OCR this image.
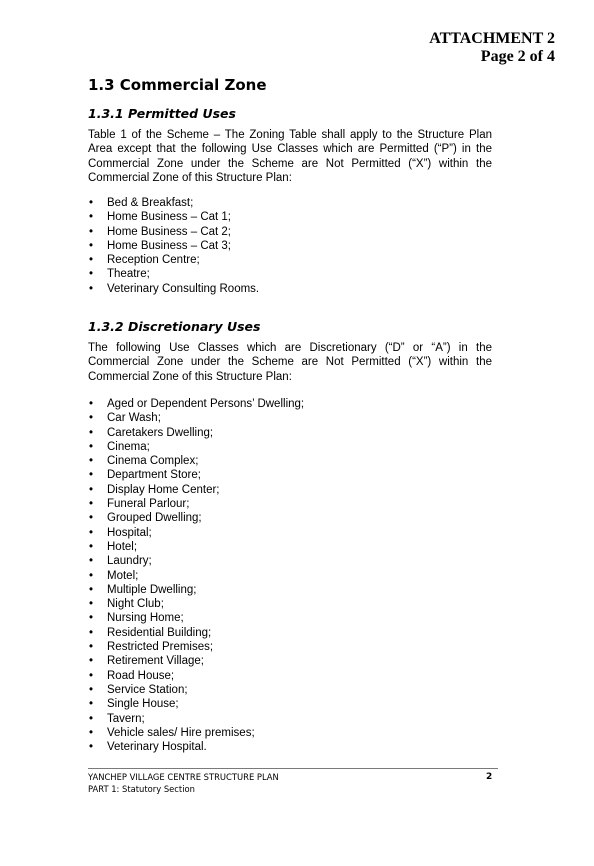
ATTACHMENT 2
Page 2 of 4
1.3 Commercial Zone
1.3.1 Permitted Uses

Table 1 of the Scheme – The Zoning Table shall apply to the Structure Plan Area except that the following Use Classes which are Permitted (“P”) in the Commercial Zone under the Scheme are Not Permitted (“X”) within the Commercial Zone of this Structure Plan:

• Bed & Breakfast;
• Home Business – Cat 1;
• Home Business – Cat 2;
• Home Business – Cat 3;
• Reception Centre;
• Theatre;
• Veterinary Consulting Rooms.
1.3.2 Discretionary Uses

The following Use Classes which are Discretionary (“D” or “A”) in the Commercial Zone under the Scheme are Not Permitted (“X”) within the Commercial Zone of this Structure Plan:

• Aged or Dependent Persons’ Dwelling;
• Car Wash;
• Caretakers Dwelling;
• Cinema;
• Cinema Complex;
• Department Store;
• Display Home Center;
• Funeral Parlour;
• Grouped Dwelling;
• Hospital;
• Hotel;
• Laundry;
• Motel;
• Multiple Dwelling;
• Night Club;
• Nursing Home;
• Residential Building;
• Restricted Premises;
• Retirement Village;
• Road House;
• Service Station;
• Single House;
• Tavern;
• Vehicle sales/ Hire premises;
• Veterinary Hospital.
YANCHEP VILLAGE CENTRE STRUCTURE PLAN
PART 1: Statutory Section
2
